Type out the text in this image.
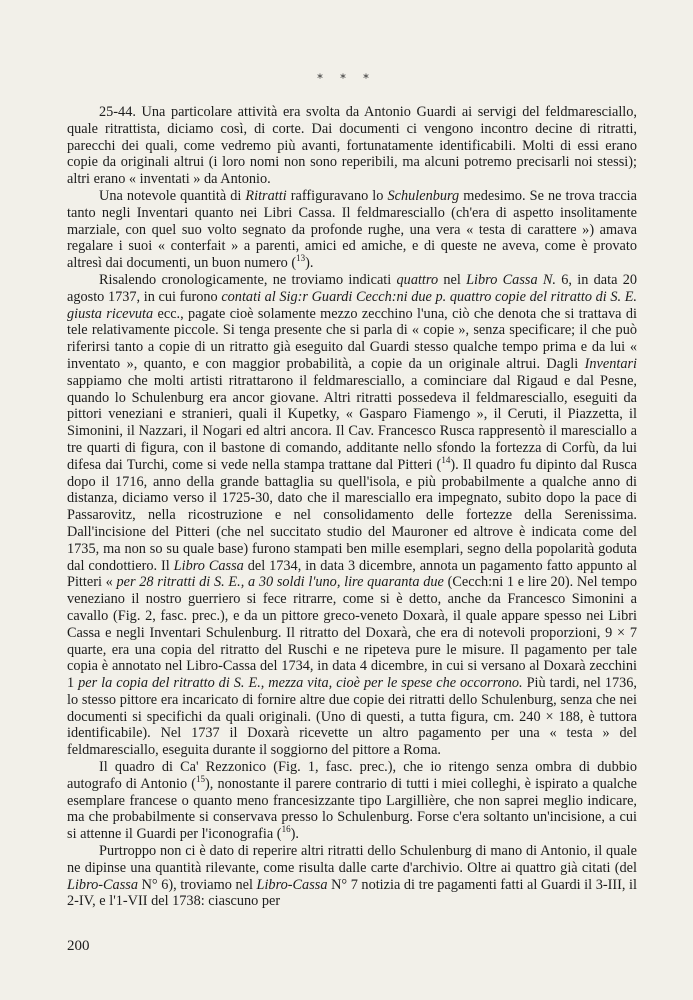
* * *

25-44. Una particolare attività era svolta da Antonio Guardi ai servigi del feldmaresciallo, quale ritrattista, diciamo così, di corte. Dai documenti ci vengono incontro decine di ritratti, parecchi dei quali, come vedremo più avanti, fortunatamente identificabili. Molti di essi erano copie da originali altrui (i loro nomi non sono reperibili, ma alcuni potremo precisarli noi stessi); altri erano « inventati » da Antonio.

Una notevole quantità di Ritratti raffiguravano lo Schulenburg medesimo. Se ne trova traccia tanto negli Inventari quanto nei Libri Cassa. Il feldmaresciallo (ch'era di aspetto insolitamente marziale, con quel suo volto segnato da profonde rughe, una vera « testa di carattere ») amava regalare i suoi « conterfait » a parenti, amici ed amiche, e di queste ne aveva, come è provato altresì dai documenti, un buon numero ($^{13}$).

Risalendo cronologicamente, ne troviamo indicati quattro nel Libro Cassa N. 6, in data 20 agosto 1737, in cui furono contati al Sig:r Guardi Cecch:ni due p. quattro copie del ritratto di S. E. giusta ricevuta ecc., pagate cioè solamente mezzo zecchino l'una, ciò che denota che si trattava di tele relativamente piccole. Si tenga presente che si parla di « copie », senza specificare; il che può riferirsi tanto a copie di un ritratto già eseguito dal Guardi stesso qualche tempo prima e da lui « inventato », quanto, e con maggior probabilità, a copie da un originale altrui. Dagli Inventari sappiamo che molti artisti ritrattarono il feldmaresciallo, a cominciare dal Rigaud e dal Pesne, quando lo Schulenburg era ancor giovane. Altri ritratti possedeva il feldmaresciallo, eseguiti da pittori veneziani e stranieri, quali il Kupetky, « Gasparo Fiamengo », il Ceruti, il Piazzetta, il Simonini, il Nazzari, il Nogari ed altri ancora. Il Cav. Francesco Rusca rappresentò il maresciallo a tre quarti di figura, con il bastone di comando, additante nello sfondo la fortezza di Corfù, da lui difesa dai Turchi, come si vede nella stampa trattane dal Pitteri ($^{14}$). Il quadro fu dipinto dal Rusca dopo il 1716, anno della grande battaglia su quell'isola, e più probabilmente a qualche anno di distanza, diciamo verso il 1725-30, dato che il maresciallo era impegnato, subito dopo la pace di Passarovitz, nella ricostruzione e nel consolidamento delle fortezze della Serenissima. Dall'incisione del Pitteri (che nel succitato studio del Mauroner ed altrove è indicata come del 1735, ma non so su quale base) furono stampati ben mille esemplari, segno della popolarità goduta dal condottiero. Il Libro Cassa del 1734, in data 3 dicembre, annota un pagamento fatto appunto al Pitteri « per 28 ritratti di S. E., a 30 soldi l'uno, lire quaranta due (Cecch:ni 1 e lire 20). Nel tempo veneziano il nostro guerriero si fece ritrarre, come si è detto, anche da Francesco Simonini a cavallo (Fig. 2, fasc. prec.), e da un pittore greco-veneto Doxarà, il quale appare spesso nei Libri Cassa e negli Inventari Schulenburg. Il ritratto del Doxarà, che era di notevoli proporzioni, 9 × 7 quarte, era una copia del ritratto del Ruschi e ne ripeteva pure le misure. Il pagamento per tale copia è annotato nel Libro-Cassa del 1734, in data 4 dicembre, in cui si versano al Doxarà zecchini 1 per la copia del ritratto di S. E., mezza vita, cioè per le spese che occorrono. Più tardi, nel 1736, lo stesso pittore era incaricato di fornire altre due copie dei ritratti dello Schulenburg, senza che nei documenti si specifichi da quali originali. (Uno di questi, a tutta figura, cm. 240 × 188, è tuttora identificabile). Nel 1737 il Doxarà ricevette un altro pagamento per una « testa » del feldmaresciallo, eseguita durante il soggiorno del pittore a Roma.

Il quadro di Ca' Rezzonico (Fig. 1, fasc. prec.), che io ritengo senza ombra di dubbio autografo di Antonio ($^{15}$), nonostante il parere contrario di tutti i miei colleghi, è ispirato a qualche esemplare francese o quanto meno francesizzante tipo Largillière, che non saprei meglio indicare, ma che probabilmente si conservava presso lo Schulenburg. Forse c'era soltanto un'incisione, a cui si attenne il Guardi per l'iconografia ($^{16}$).

Purtroppo non ci è dato di reperire altri ritratti dello Schulenburg di mano di Antonio, il quale ne dipinse una quantità rilevante, come risulta dalle carte d'archivio. Oltre ai quattro già citati (del Libro-Cassa N° 6), troviamo nel Libro-Cassa N° 7 notizia di tre pagamenti fatti al Guardi il 3-III, il 2-IV, e l'1-VII del 1738: ciascuno per

200
